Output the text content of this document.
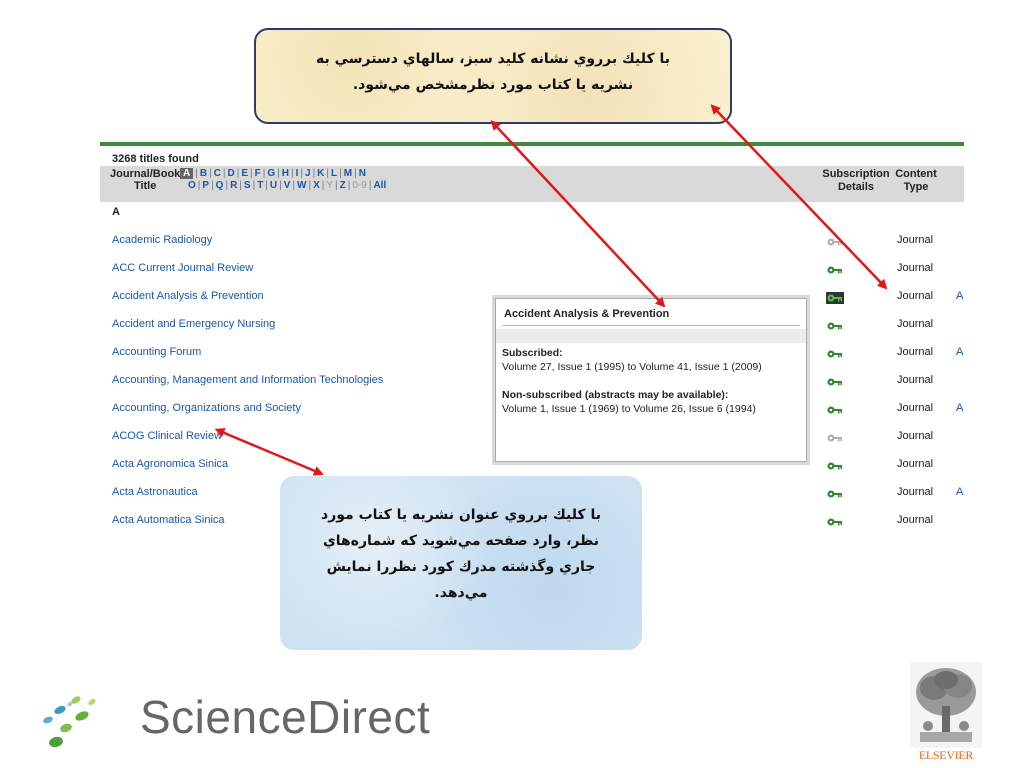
با كليك برروي نشانه كليد سبز، سالهاي دسترسي به نشريه يا كتاب مورد نظرمشخص مي‌شود.
3268 titles found
Journal/Book
Title
A | B | C | D | E | F | G | H | I | J | K | L | M | N
O | P | Q | R | S | T | U | V | W | X | Y | Z | 0-9 | All
Subscription
Details
Content
Type
A
Academic Radiology	Journal
ACC Current Journal Review	Journal
Accident Analysis & Prevention	Journal A
Accident and Emergency Nursing	Journal
Accounting Forum	Journal A
Accounting, Management and Information Technologies	Journal
Accounting, Organizations and Society	Journal A
ACOG Clinical Review	Journal
Acta Agronomica Sinica	Journal
Acta Astronautica	Journal A
Acta Automatica Sinica	Journal
Accident Analysis & Prevention
Subscribed:
Volume 27, Issue 1 (1995) to Volume 41, Issue 1 (2009)
Non-subscribed (abstracts may be available):
Volume 1, Issue 1 (1969) to Volume 26, Issue 6 (1994)
با كليك برروي عنوان نشريه يا كتاب مورد نظر، وارد صفحه مي‌شويد كه شماره‌هاي جاري وگذشته مدرك كورد نظررا نمايش مي‌دهد.
ScienceDirect
ELSEVIER
